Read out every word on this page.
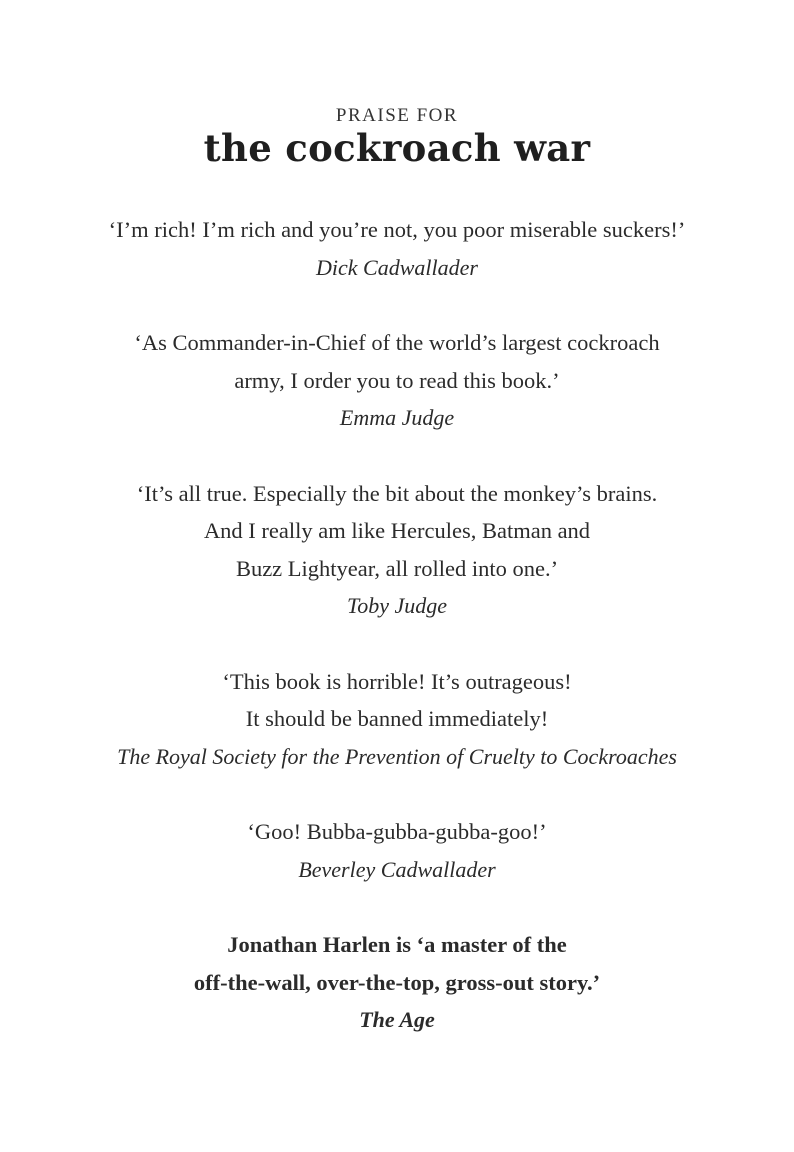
PRAISE FOR
the cockroach war

‘I’m rich! I’m rich and you’re not, you poor miserable suckers!’

Dick Cadwallader

‘As Commander-in-Chief of the world’s largest cockroach

army, I order you to read this book.’

Emma Judge

‘It’s all true. Especially the bit about the monkey’s brains.

And I really am like Hercules, Batman and

Buzz Lightyear, all rolled into one.’

Toby Judge

‘This book is horrible! It’s outrageous!

It should be banned immediately!

The Royal Society for the Prevention of Cruelty to Cockroaches

‘Goo! Bubba-gubba-gubba-goo!’

Beverley Cadwallader

Jonathan Harlen is ‘a master of the

off-the-wall, over-the-top, gross-out story.’

The Age
